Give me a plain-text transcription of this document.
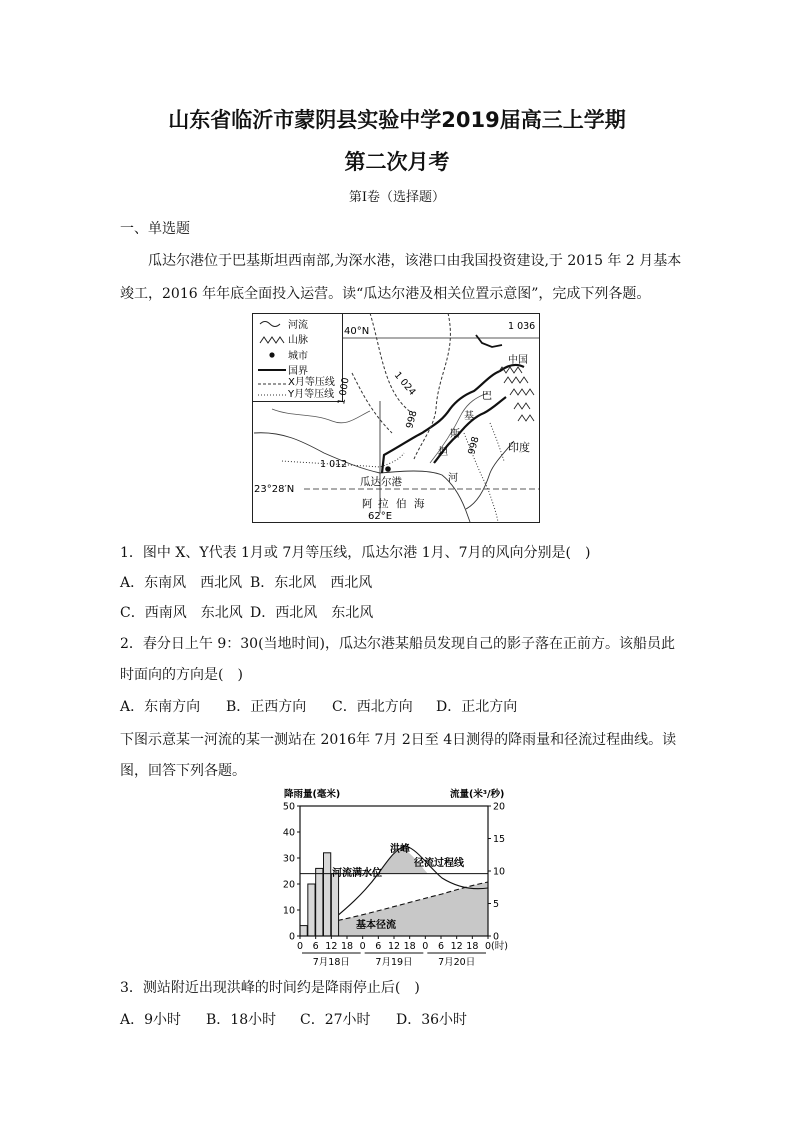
山东省临沂市蒙阴县实验中学2019届高三上学期
第二次月考
第Ⅰ卷（选择题）
一、单选题
瓜达尔港位于巴基斯坦西南部,为深水港，该港口由我国投资建设,于 2015 年 2 月基本
竣工，2016 年年底全面投入运营。读“瓜达尔港及相关位置示意图”，完成下列各题。
河流
山脉
城市
国界
X月等压线
Y月等压线
40°N
23°28′N
62°E
1 036
1 024
1 000
998
998
1 012
中国
巴
基
斯
坦	印度
河
瓜达尔港
阿 拉 伯 海
1．图中 X、Y代表 1月或 7月等压线，瓜达尔港 1月、7月的风向分别是(　)
A．东南风　西北风 B．东北风　西北风
C．西南风　东北风 D．西北风　东北风
2．春分日上午 9：30(当地时间)，瓜达尔港某船员发现自己的影子落在正前方。该船员此
时面向的方向是(　)
A．东南方向 B．正西方向 C．西北方向 D．正北方向
下图示意某一河流的某一测站在 2016年 7月 2日至 4日测得的降雨量和径流过程曲线。读
图，回答下列各题。
降雨量(毫米)	流量(米³/秒)
0
10
20
30
40
50
0
5
10
15
20
0 6 12 18 0 6 12 18 0 6 12 18 0(时)
7月18日	7月19日	7月20日
洪峰
径流过程线
河流满水位
基本径流
3．测站附近出现洪峰的时间约是降雨停止后(　)
A．9小时 B．18小时 C．27小时 D．36小时
